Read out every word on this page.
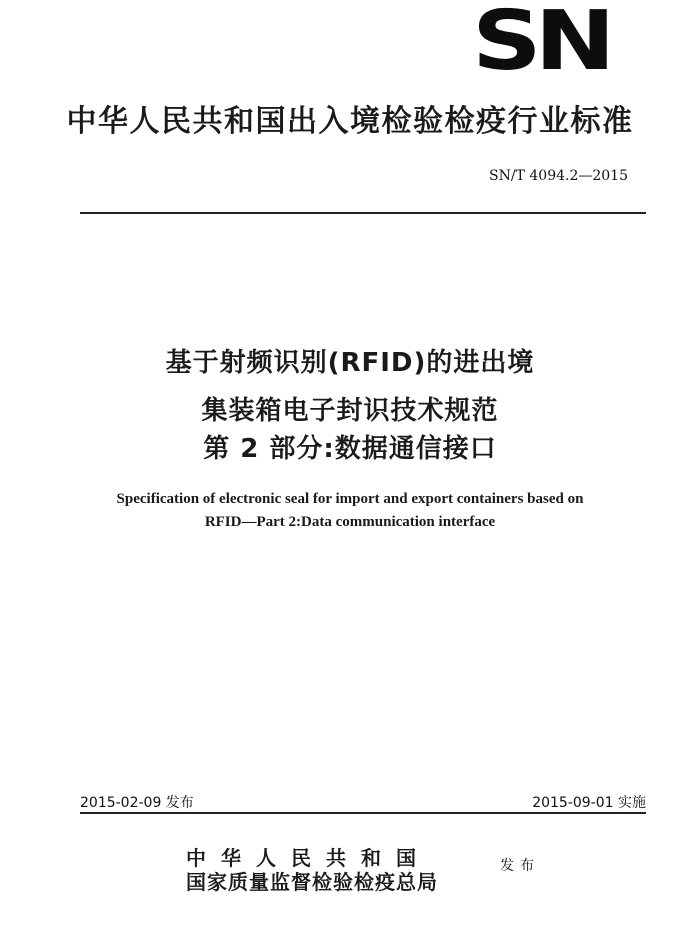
SN
中华人民共和国出入境检验检疫行业标准
SN/T 4094.2—2015
基于射频识别(RFID)的进出境
集装箱电子封识技术规范
第 2 部分:数据通信接口
Specification of electronic seal for import and export containers based on
RFID—Part 2:Data communication interface
2015-02-09 发布	2015-09-01 实施
中华人民共和国
国家质量监督检验检疫总局
发布
